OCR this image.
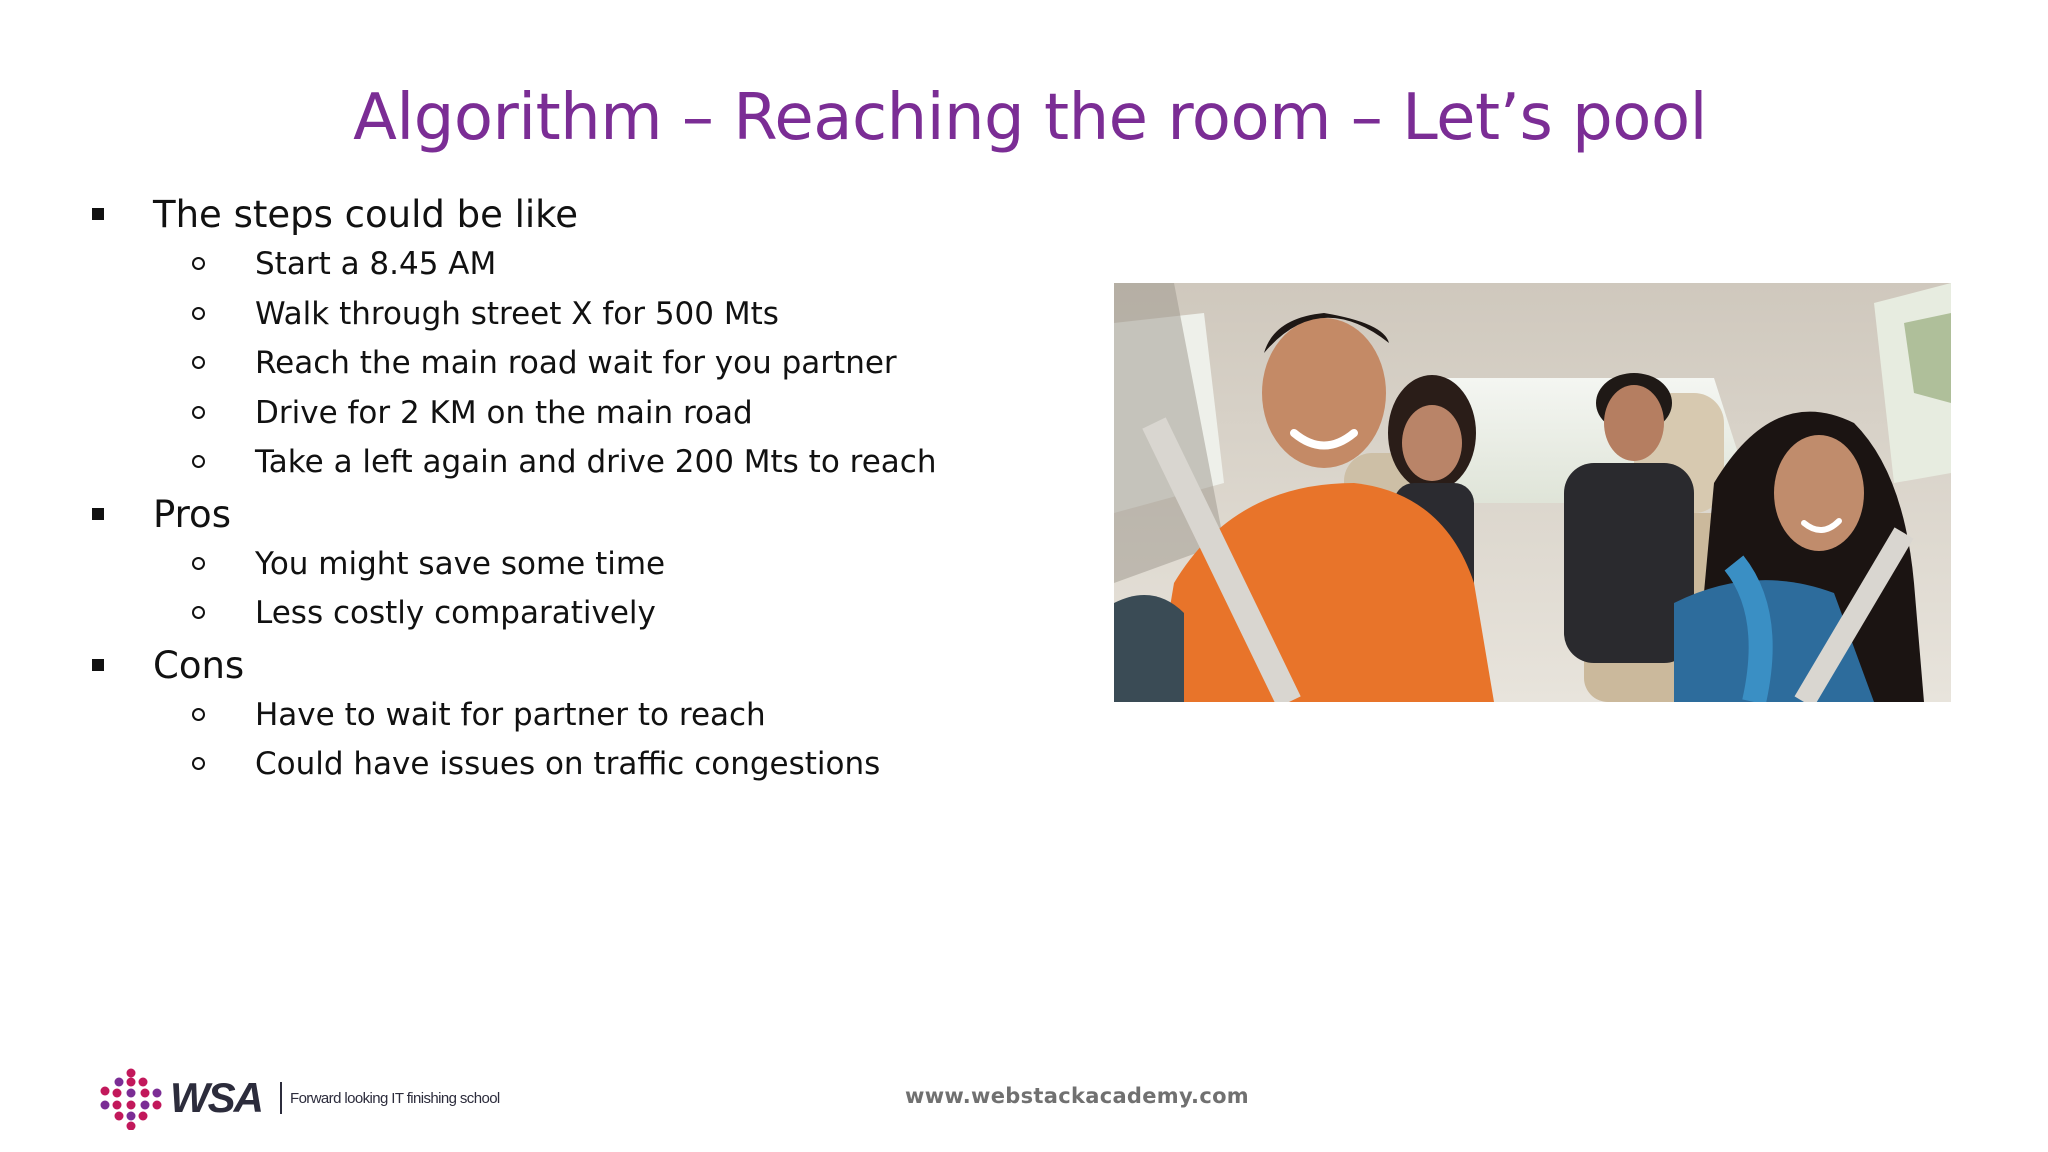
Algorithm – Reaching the room – Let’s pool
The steps could be like
Start a 8.45 AM
Walk through street X for 500 Mts
Reach the main road wait for you partner
Drive for 2 KM on the main road
Take a left again and drive 200 Mts to reach
Pros
You might save some time
Less costly comparatively
Cons
Have to wait for partner to reach
Could have issues on traffic congestions
www.webstackacademy.com
WSA Forward looking IT finishing school
